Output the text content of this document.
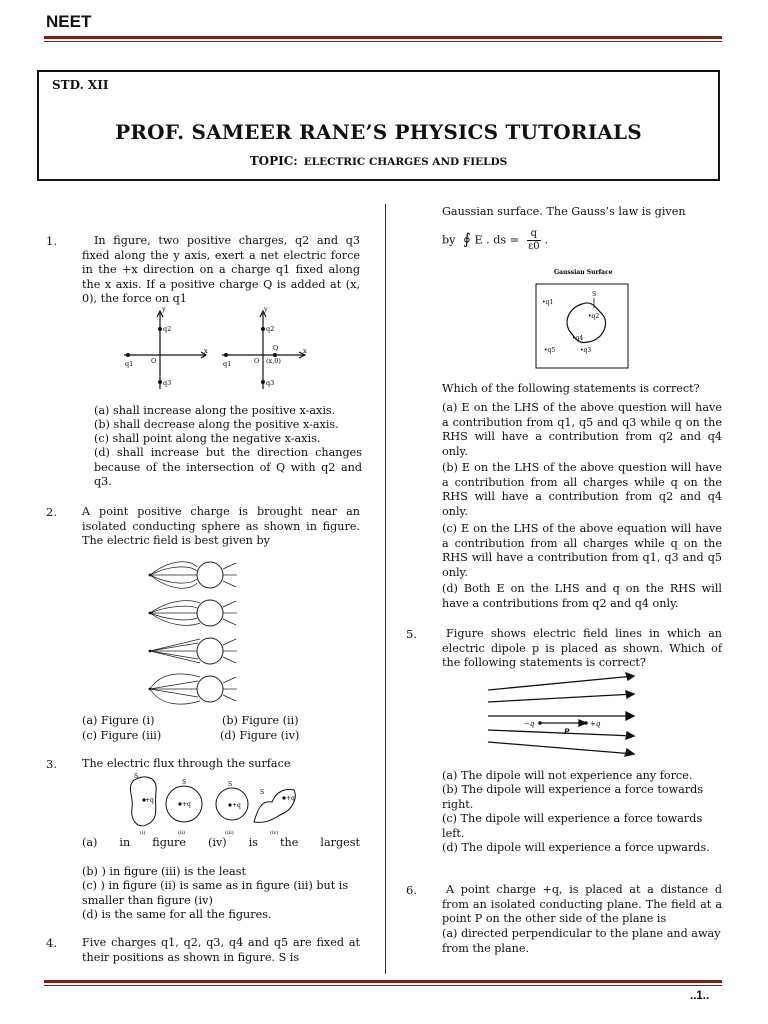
NEET
STD. XII
PROF. SAMEER RANE’S PHYSICS TUTORIALS
TOPIC: ELECTRIC CHARGES AND FIELDS
1.	In figure, two positive charges, q2 and q3 fixed along the y axis, exert a net electric force in the +x direction on a charge q1 fixed along the x axis. If a positive charge Q is added at (x, 0), the force on q1
y	y
x	x
q2
q3
q1	O
q2
q3
q1	O
Q
(x,0)
(a) shall increase along the positive x-axis.
(b) shall decrease along the positive x-axis.
(c) shall point along the negative x-axis.
(d) shall increase but the direction changes because of the intersection of Q with q2 and q3.
2. A point positive charge is brought near an isolated conducting sphere as shown in figure. The electric field is best given by
(a) Figure (i)	(b) Figure (ii)
(c) Figure (iii)	(d) Figure (iv)
3. The electric flux through the surface
+q
+q	+q
+q
S
S	S
S
(i)	(ii)	(iii)	(iv)
(a) in figure (iv) is the largest
(b) ) in figure (iii) is the least
(c) ) in figure (ii) is same as in figure (iii) but is smaller than figure (iv)
(d) is the same for all the figures.
4. Five charges q1, q2, q3, q4 and q5 are fixed at their positions as shown in figure. S is
Gaussian surface. The Gauss’s law is given
by ∮ E . ds = $\frac{q}{\varepsilon 0}$ .
Gaussian Surface
S
•q1
•q2
•q4
•q5	•q3
Which of the following statements is correct?
(a) E on the LHS of the above question will have a contribution from q1, q5 and q3 while q on the RHS will have a contribution from q2 and q4 only.
(b) E on the LHS of the above question will have a contribution from all charges while q on the RHS will have a contribution from q2 and q4 only.
(c) E on the LHS of the above equation will have a contribution from all charges while q on the RHS will have a contribution from q1, q3 and q5 only.
(d) Both E on the LHS and q on the RHS will have a contributions from q2 and q4 only.
5.	Figure shows electric field lines in which an electric dipole p is placed as shown. Which of the following statements is correct?
−q	+q
P
(a) The dipole will not experience any force.
(b) The dipole will experience a force towards right.
(c) The dipole will experience a force towards left.
(d) The dipole will experience a force upwards.
6.	A point charge +q, is placed at a distance d from an isolated conducting plane. The field at a point P on the other side of the plane is
(a) directed perpendicular to the plane and away from the plane.
..1..
